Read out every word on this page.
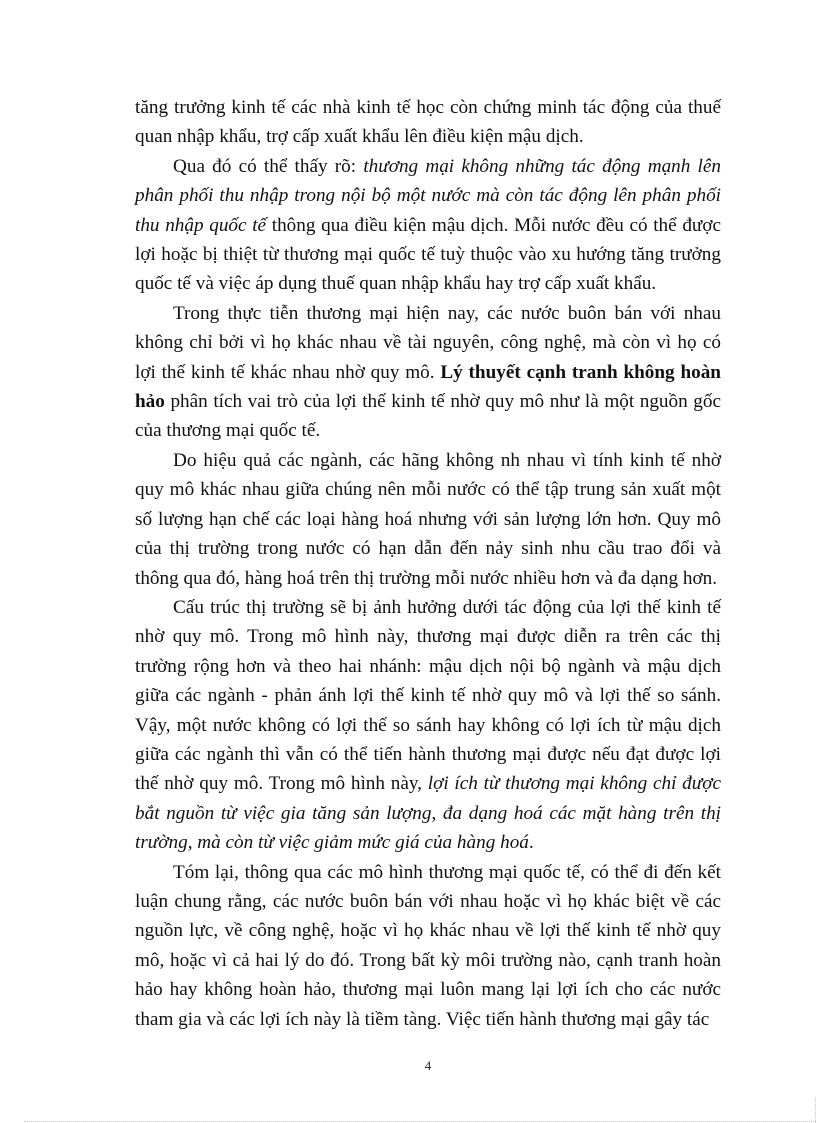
tăng trưởng kinh tế các nhà kinh tế học còn chứng minh tác động của thuế quan nhập khẩu, trợ cấp xuất khẩu lên điều kiện mậu dịch.

Qua đó có thể thấy rõ: thương mại không những tác động mạnh lên phân phối thu nhập trong nội bộ một nước mà còn tác động lên phân phối thu nhập quốc tế thông qua điều kiện mậu dịch. Mỗi nước đều có thể được lợi hoặc bị thiệt từ thương mại quốc tế tuỳ thuộc vào xu hướng tăng trưởng quốc tế và việc áp dụng thuế quan nhập khẩu hay trợ cấp xuất khẩu.

Trong thực tiễn thương mại hiện nay, các nước buôn bán với nhau không chỉ bởi vì họ khác nhau về tài nguyên, công nghệ, mà còn vì họ có lợi thế kinh tế khác nhau nhờ quy mô. Lý thuyết cạnh tranh không hoàn hảo phân tích vai trò của lợi thế kinh tế nhờ quy mô như là một nguồn gốc của thương mại quốc tế.

Do hiệu quả các ngành, các hãng không nh nhau vì tính kinh tế nhờ quy mô khác nhau giữa chúng nên mỗi nước có thể tập trung sản xuất một số lượng hạn chế các loại hàng hoá nhưng với sản lượng lớn hơn. Quy mô của thị trường trong nước có hạn dẫn đến nảy sinh nhu cầu trao đổi và thông qua đó, hàng hoá trên thị trường mỗi nước nhiều hơn và đa dạng hơn.

Cấu trúc thị trường sẽ bị ảnh hưởng dưới tác động của lợi thế kinh tế nhờ quy mô. Trong mô hình này, thương mại được diễn ra trên các thị trường rộng hơn và theo hai nhánh: mậu dịch nội bộ ngành và mậu dịch giữa các ngành - phản ánh lợi thế kinh tế nhờ quy mô và lợi thế so sánh. Vậy, một nước không có lợi thế so sánh hay không có lợi ích từ mậu dịch giữa các ngành thì vẫn có thể tiến hành thương mại được nếu đạt được lợi thế nhờ quy mô. Trong mô hình này, lợi ích từ thương mại không chỉ được bắt nguồn từ việc gia tăng sản lượng, đa dạng hoá các mặt hàng trên thị trường, mà còn từ việc giảm mức giá của hàng hoá.

Tóm lại, thông qua các mô hình thương mại quốc tế, có thể đi đến kết luận chung rằng, các nước buôn bán với nhau hoặc vì họ khác biệt về các nguồn lực, về công nghệ, hoặc vì họ khác nhau về lợi thế kinh tế nhờ quy mô, hoặc vì cả hai lý do đó. Trong bất kỳ môi trường nào, cạnh tranh hoàn hảo hay không hoàn hảo, thương mại luôn mang lại lợi ích cho các nước tham gia và các lợi ích này là tiềm tàng. Việc tiến hành thương mại gây tác

4
